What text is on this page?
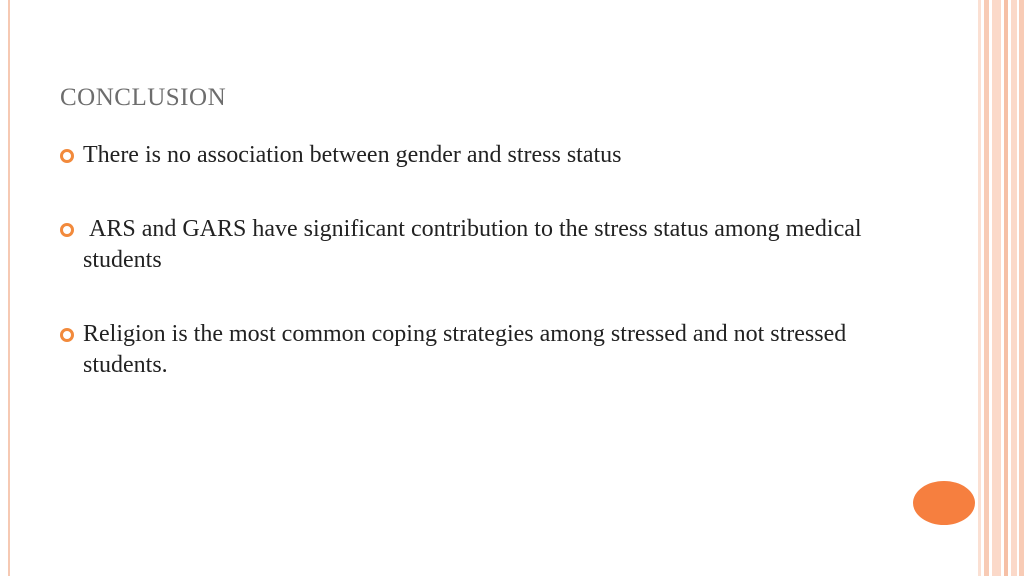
CONCLUSION
There is no association between gender and stress status
ARS and GARS have significant contribution to the stress status among medical students
Religion is the most common coping strategies among stressed and not stressed students.
